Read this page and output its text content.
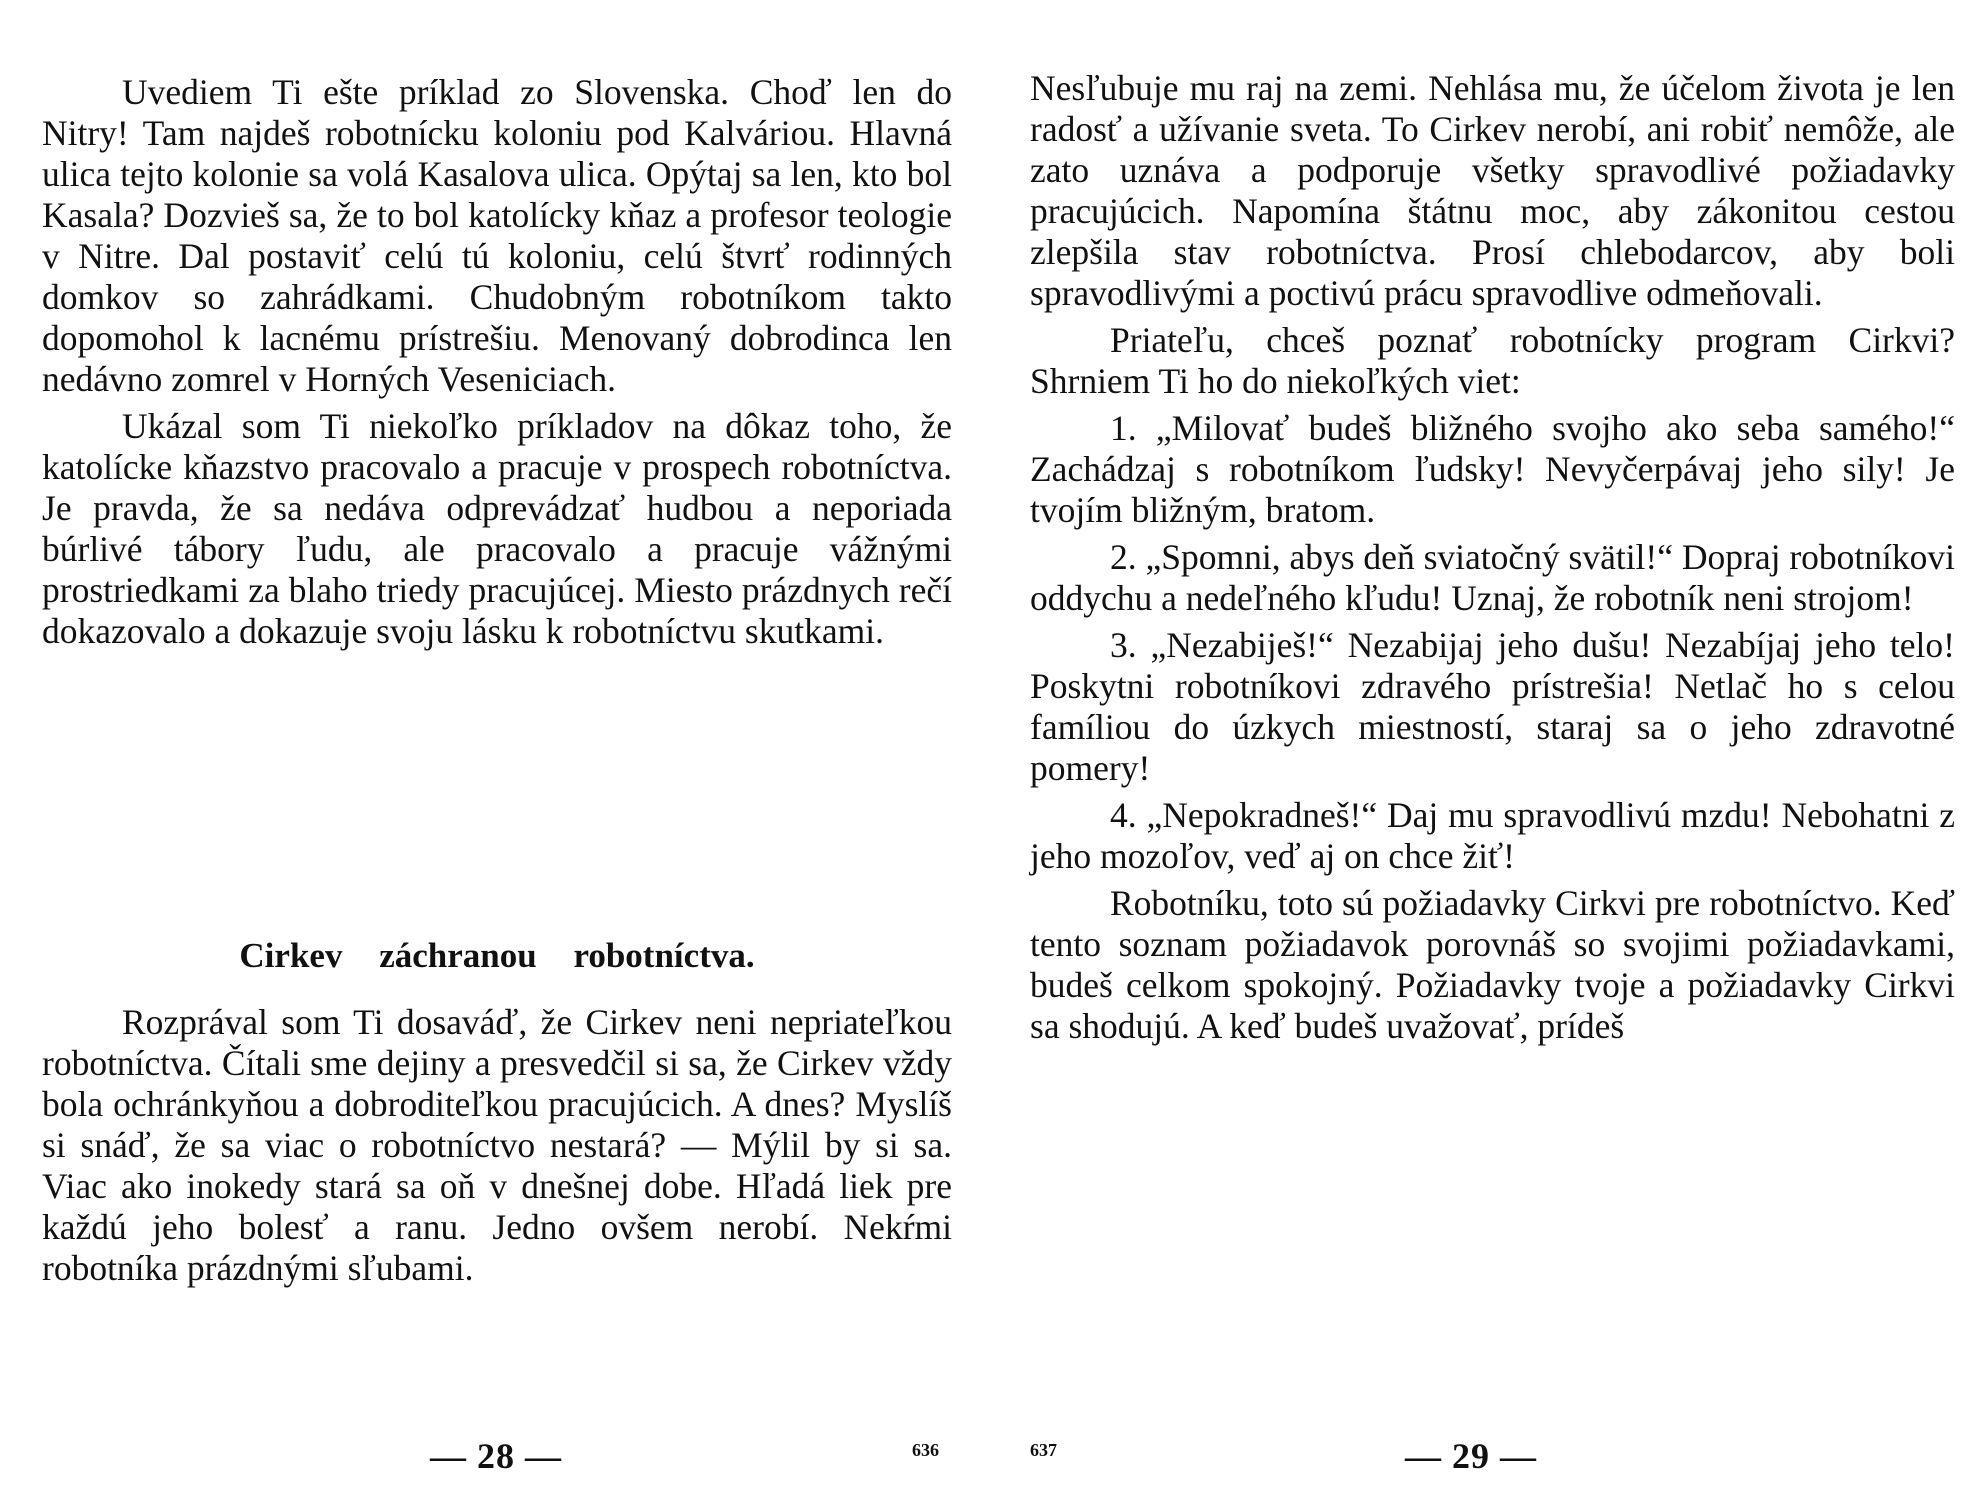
Uvediem Ti ešte príklad zo Slovenska. Choď len do Nitry! Tam najdeš robotnícku koloniu pod Kalváriou. Hlavná ulica tejto kolonie sa volá Kasalova ulica. Opýtaj sa len, kto bol Kasala? Dozvieš sa, že to bol katolícky kňaz a profesor teologie v Nitre. Dal postaviť celú tú koloniu, celú štvrť rodinných domkov so zahrádkami. Chudobným robotníkom takto dopomohol k lacnému prístrešiu. Menovaný dobrodinca len nedávno zomrel v Horných Veseniciach.

Ukázal som Ti niekoľko príkladov na dôkaz toho, že katolícke kňazstvo pracovalo a pracuje v prospech robotníctva. Je pravda, že sa nedáva odprevádzať hudbou a neporiada búrlivé tábory ľudu, ale pracovalo a pracuje vážnými prostriedkami za blaho triedy pracujúcej. Miesto prázdnych rečí dokazovalo a dokazuje svoju lásku k robotníctvu skutkami.

Cirkev záchranou robotníctva.

Rozprával som Ti dosaváď, že Cirkev neni nepriateľkou robotníctva. Čítali sme dejiny a presvedčil si sa, že Cirkev vždy bola ochránkyňou a dobroditeľkou pracujúcich. A dnes? Myslíš si snáď, že sa viac o robotníctvo nestará? — Mýlil by si sa. Viac ako inokedy stará sa oň v dnešnej dobe. Hľadá liek pre každú jeho bolesť a ranu. Jedno ovšem nerobí. Nekŕmi robotníka prázdnými sľubami.

— 28 —	636

Nesľubuje mu raj na zemi. Nehlása mu, že účelom života je len radosť a užívanie sveta. To Cirkev nerobí, ani robiť nemôže, ale zato uznáva a podporuje všetky spravodlivé požiadavky pracujúcich. Napomína štátnu moc, aby zákonitou cestou zlepšila stav robotníctva. Prosí chlebodarcov, aby boli spravodlivými a poctivú prácu spravodlive odmeňovali.

Priateľu, chceš poznať robotnícky program Cirkvi? Shrniem Ti ho do niekoľkých viet:

1. „Milovať budeš bližného svojho ako seba samého!“ Zachádzaj s robotníkom ľudsky! Nevyčerpávaj jeho sily! Je tvojím bližným, bratom.

2. „Spomni, abys deň sviatočný svätil!“ Dopraj robotníkovi oddychu a nedeľného kľudu! Uznaj, že robotník neni strojom!

3. „Nezabiješ!“ Nezabijaj jeho dušu! Nezabíjaj jeho telo! Poskytni robotníkovi zdravého prístrešia! Netlač ho s celou famíliou do úzkych miestností, staraj sa o jeho zdravotné pomery!

4. „Nepokradneš!“ Daj mu spravodlivú mzdu! Nebohatni z jeho mozoľov, veď aj on chce žiť!

Robotníku, toto sú požiadavky Cirkvi pre robotníctvo. Keď tento soznam požiadavok porovnáš so svojimi požiadavkami, budeš celkom spokojný. Požiadavky tvoje a požiadavky Cirkvi sa shodujú. A keď budeš uvažovať, prídeš

637	— 29 —
